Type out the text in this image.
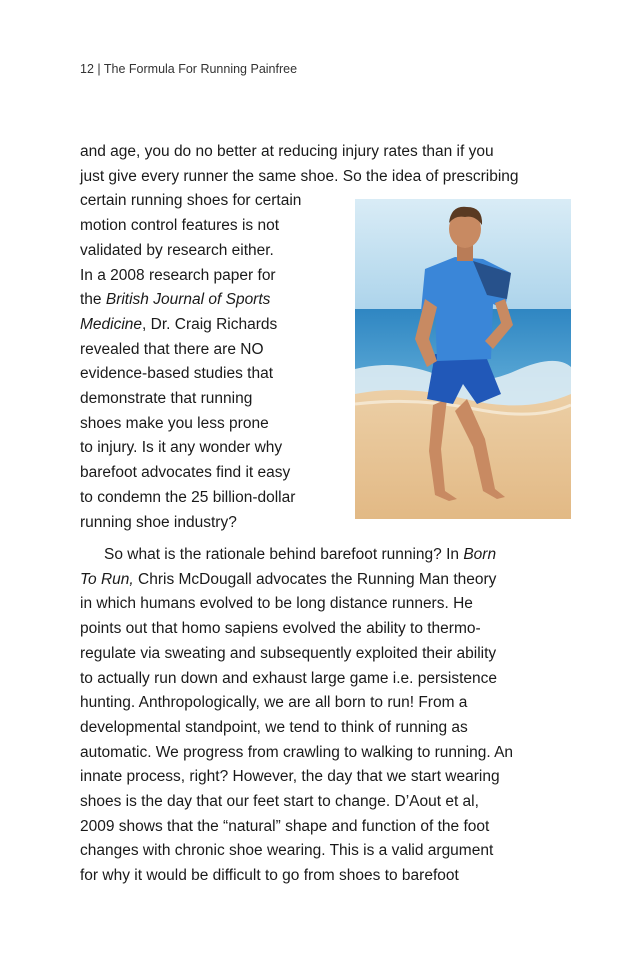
12 | The Formula For Running Painfree
and age, you do no better at reducing injury rates than if you
just give every runner the same shoe. So the idea of prescribing
certain running shoes for certain
motion control features is not
validated by research either.
In a 2008 research paper for
the British Journal of Sports
Medicine, Dr. Craig Richards
revealed that there are NO
evidence-based studies that
demonstrate that running
shoes make you less prone
to injury. Is it any wonder why
barefoot advocates find it easy
to condemn the 25 billion-dollar
running shoe industry?
So what is the rationale behind barefoot running? In Born
To Run, Chris McDougall advocates the Running Man theory
in which humans evolved to be long distance runners. He
points out that homo sapiens evolved the ability to thermo-
regulate via sweating and subsequently exploited their ability
to actually run down and exhaust large game i.e. persistence
hunting. Anthropologically, we are all born to run! From a
developmental standpoint, we tend to think of running as
automatic. We progress from crawling to walking to running. An
innate process, right? However, the day that we start wearing
shoes is the day that our feet start to change. D’Aout et al,
2009 shows that the “natural” shape and function of the foot
changes with chronic shoe wearing. This is a valid argument
for why it would be difficult to go from shoes to barefoot
